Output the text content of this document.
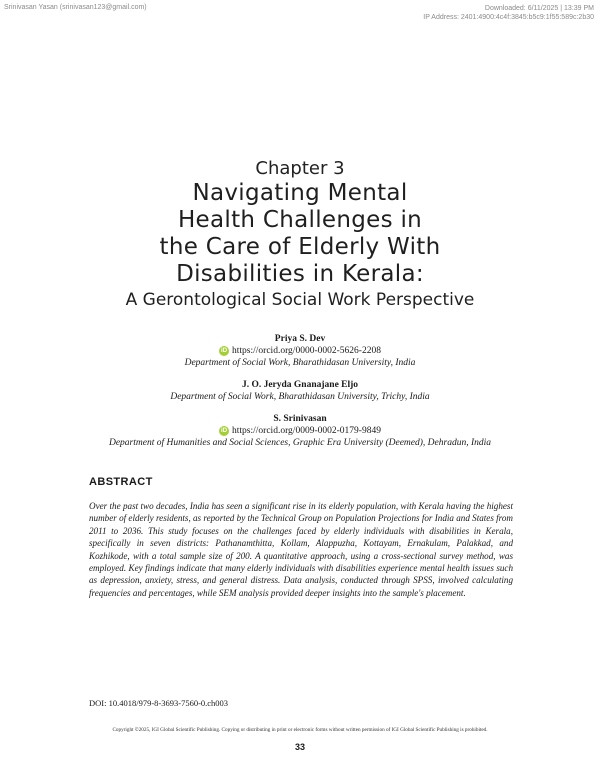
Srinivasan Yasan (srinivasan123@gmail.com)	Downloaded: 6/11/2025 | 13:39 PM
IP Address: 2401:4900:4c4f:3845:b5c9:1f55:589c:2b30
Chapter 3
Navigating Mental
Health Challenges in
the Care of Elderly With
Disabilities in Kerala:
A Gerontological Social Work Perspective
Priya S. Dev
iD https://orcid.org/0000-0002-5626-2208
Department of Social Work, Bharathidasan University, India
J. O. Jeryda Gnanajane Eljo
Department of Social Work, Bharathidasan University, Trichy, India
S. Srinivasan
iD https://orcid.org/0009-0002-0179-9849
Department of Humanities and Social Sciences, Graphic Era University (Deemed), Dehradun, India
ABSTRACT
Over the past two decades, India has seen a significant rise in its elderly population, with Kerala having the highest number of elderly residents, as reported by the Technical Group on Population Projections for India and States from 2011 to 2036. This study focuses on the challenges faced by elderly individuals with disabilities in Kerala, specifically in seven districts: Pathanamthitta, Kollam, Alappuzha, Kottayam, Ernakulam, Palakkad, and Kozhikode, with a total sample size of 200. A quantitative approach, using a cross-sectional survey method, was employed. Key findings indicate that many elderly individuals with disabilities experience mental health issues such as depression, anxiety, stress, and general distress. Data analysis, conducted through SPSS, involved calculating frequencies and percentages, while SEM analysis provided deeper insights into the sample's placement.
DOI: 10.4018/979-8-3693-7560-0.ch003
Copyright ©2025, IGI Global Scientific Publishing. Copying or distributing in print or electronic forms without written permission of IGI Global Scientific Publishing is prohibited.
33
